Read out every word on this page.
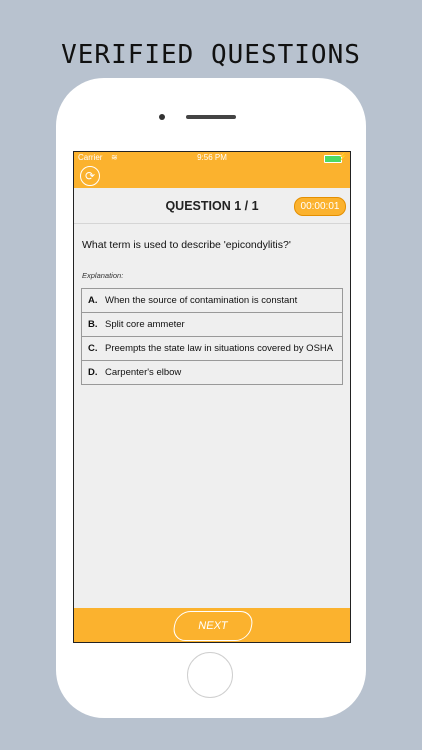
VERIFIED QUESTIONS
Carrier ≋	9:56 PM	⚡
⟳
QUESTION 1 / 1	00:00:01
What term is used to describe 'epicondylitis?'
Explanation:
A. When the source of contamination is constant
B. Split core ammeter
C. Preempts the state law in situations covered by OSHA
D. Carpenter's elbow
NEXT
